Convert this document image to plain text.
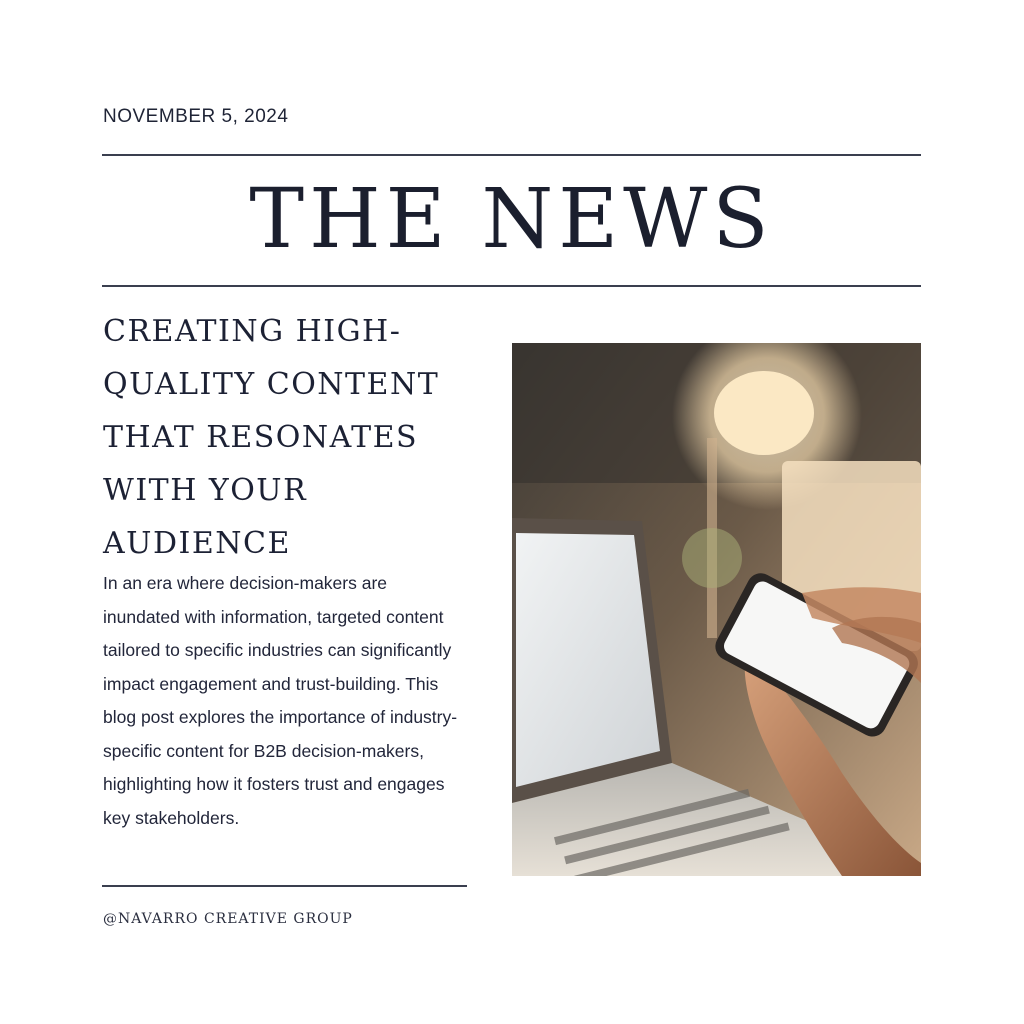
NOVEMBER 5, 2024
THE NEWS
CREATING HIGH-QUALITY CONTENT THAT RESONATES WITH YOUR AUDIENCE
In an era where decision-makers are inundated with information, targeted content tailored to specific industries can significantly impact engagement and trust-building. This blog post explores the importance of industry-specific content for B2B decision-makers, highlighting how it fosters trust and engages key stakeholders.
@NAVARRO CREATIVE GROUP
